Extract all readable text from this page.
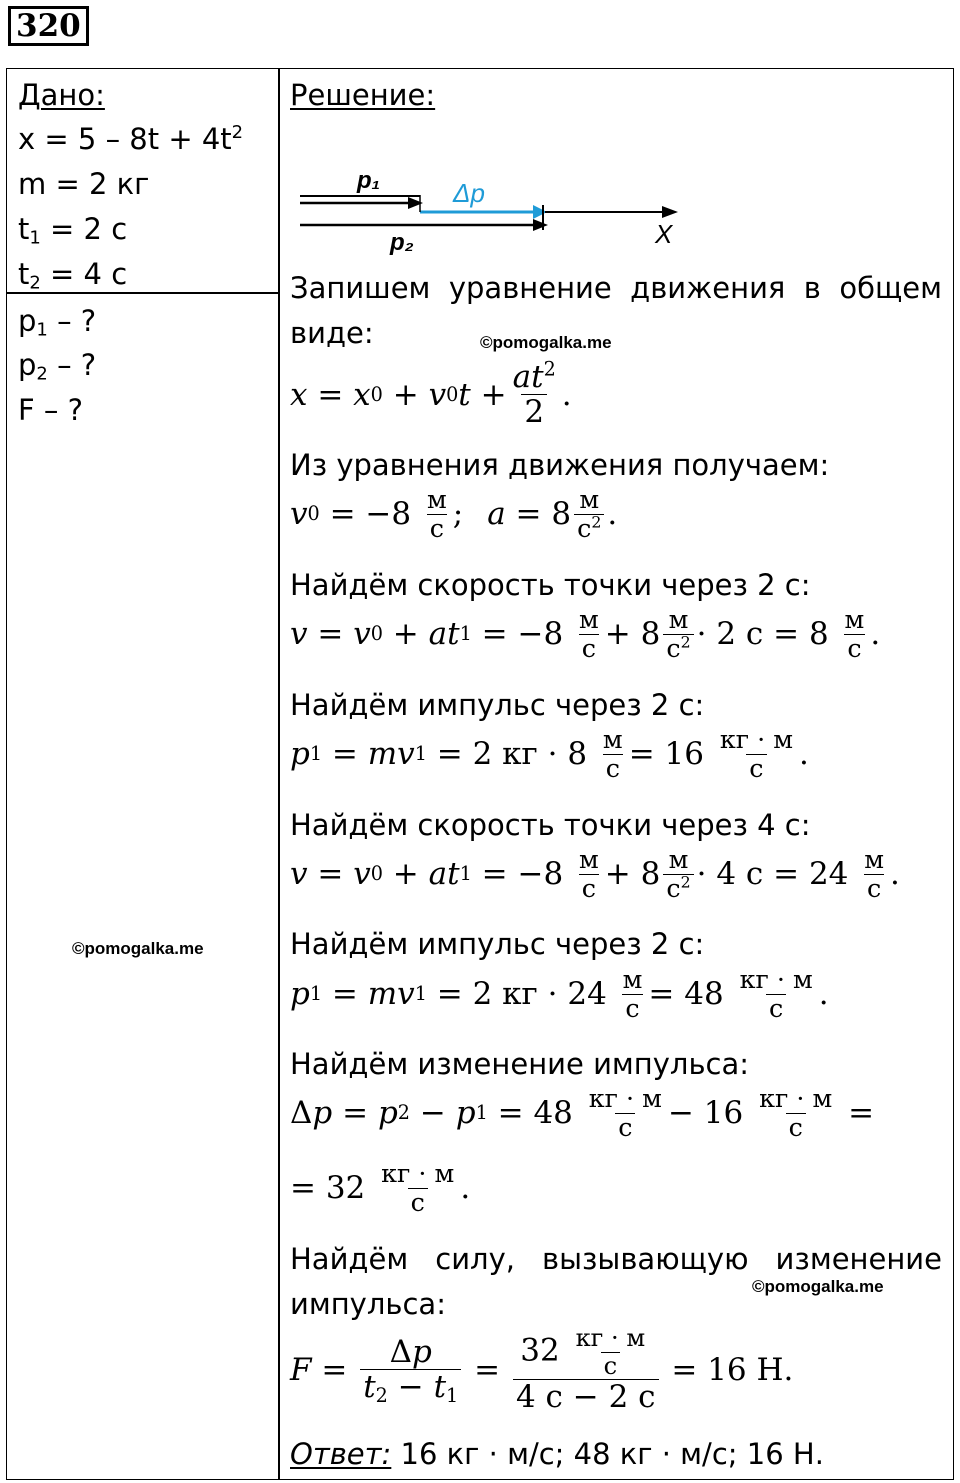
320
Дано:
$x = 5 - 8t + 4t^2$
m = 2 кг
$t_1 = 2$ с
$t_2 = 4$ с
$p_1$ – ?
$p_2$ – ?
F – ?
©pomogalka.me
Решение:
p₁	Δp
p₂	X
Запишем уравнение движения в общем
виде:	©pomogalka.me
x = x 0 + v 0 $t + at^2$
2 .
Из уравнения движения получаем:
v 0 = −8 м
с ; a = 8 м
$с^2$ .
Найдём скорость точки через 2 с:
v = v 0 + at 1 = −8 м
с + 8 м
$с^2 \cdot 2$ с = 8 м
с .
Найдём импульс через 2 с:
p 1 = mv 1 = 2 кг · 8 м
с = 16 кг · м
с .
Найдём скорость точки через 4 с:
v = v 0 + at 1 = −8 м
с + 8 м
$с^2 \cdot 4$ с = 24 м
с .
Найдём импульс через 2 с:
p 1 = mv 1 = 2 кг · 24 м
с = 48 кг · м
с .
Найдём изменение импульса:
Δ p = p 2 − p 1 = 48 кг · м
с − 16 кг · м
с =
= 32 кг · м
с .
Найдём силу, вызывающую изменение
импульса:
©pomogalka.me
F = Δp
$t_2 - t_1$
=
32 кг · м
с
4 с − 2 с
= 16 Н.
Ответ: 16 кг · м/с; 48 кг · м/с; 16 Н.
